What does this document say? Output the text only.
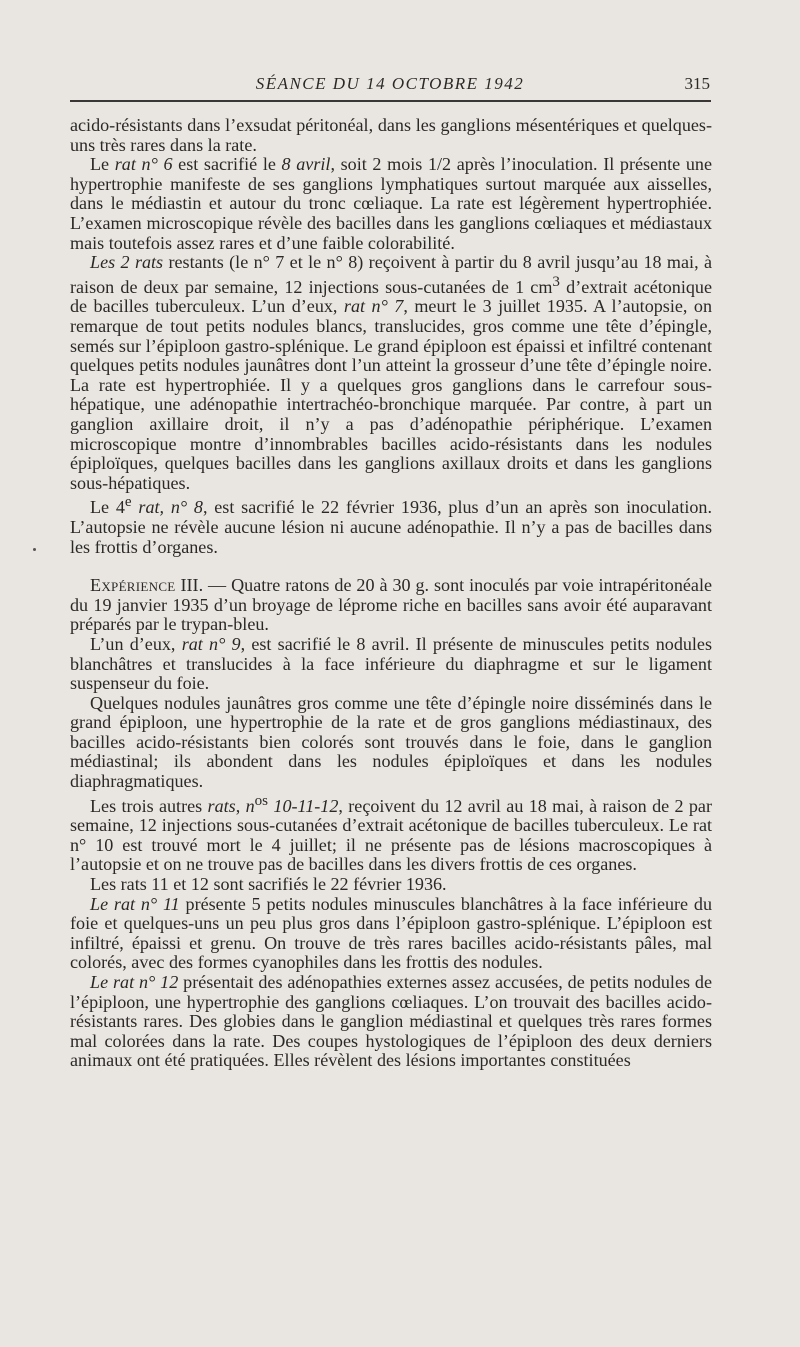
SÉANCE DU 14 OCTOBRE 1942	315

acido-résistants dans l’exsudat péritonéal, dans les ganglions mésentériques et quelques-uns très rares dans la rate.

Le rat n° 6 est sacrifié le 8 avril, soit 2 mois 1/2 après l’inoculation. Il présente une hypertrophie manifeste de ses ganglions lymphatiques surtout marquée aux aisselles, dans le médiastin et autour du tronc cœliaque. La rate est légèrement hypertrophiée. L’examen microscopique révèle des bacilles dans les ganglions cœliaques et médiastaux mais toutefois assez rares et d’une faible colorabilité.

Les 2 rats restants (le n° 7 et le n° 8) reçoivent à partir du 8 avril jusqu’au 18 mai, à raison de deux par semaine, 12 injections sous-cutanées de 1 $cm^3$ d’extrait acétonique de bacilles tuberculeux. L’un d’eux, rat n° 7, meurt le 3 juillet 1935. A l’autopsie, on remarque de tout petits nodules blancs, translucides, gros comme une tête d’épingle, semés sur l’épiploon gastro-splénique. Le grand épiploon est épaissi et infiltré contenant quelques petits nodules jaunâtres dont l’un atteint la grosseur d’une tête d’épingle noire. La rate est hypertrophiée. Il y a quelques gros ganglions dans le carrefour sous-hépatique, une adénopathie intertrachéo-bronchique marquée. Par contre, à part un ganglion axillaire droit, il n’y a pas d’adénopathie périphérique. L’examen microscopique montre d’innombrables bacilles acido-résistants dans les nodules épiploïques, quelques bacilles dans les ganglions axillaux droits et dans les ganglions sous-hépatiques.

Le 4e rat, n° 8, est sacrifié le 22 février 1936, plus d’un an après son inoculation. L’autopsie ne révèle aucune lésion ni aucune adénopathie. Il n’y a pas de bacilles dans les frottis d’organes.

Expérience III. — Quatre ratons de 20 à 30 g. sont inoculés par voie intrapéritonéale du 19 janvier 1935 d’un broyage de lépromе riche en bacilles sans avoir été auparavant préparés par le trypan-bleu.

L’un d’eux, rat n° 9, est sacrifié le 8 avril. Il présente de minuscules petits nodules blanchâtres et translucides à la face inférieure du diaphragme et sur le ligament suspenseur du foie.

Quelques nodules jaunâtres gros comme une tête d’épingle noire disséminés dans le grand épiploon, une hypertrophie de la rate et de gros ganglions médiastinaux, des bacilles acido-résistants bien colorés sont trouvés dans le foie, dans le ganglion médiastinal; ils abondent dans les nodules épiploïques et dans les nodules diaphragmatiques.

Les trois autres rats, $n^{os}$ 10-11-12, reçoivent du 12 avril au 18 mai, à raison de 2 par semaine, 12 injections sous-cutanées d’extrait acétonique de bacilles tuberculeux. Le rat n° 10 est trouvé mort le 4 juillet; il ne présente pas de lésions macroscopiques à l’autopsie et on ne trouve pas de bacilles dans les divers frottis de ces organes.

Les rats 11 et 12 sont sacrifiés le 22 février 1936.

Le rat n° 11 présente 5 petits nodules minuscules blanchâtres à la face inférieure du foie et quelques-uns un peu plus gros dans l’épiploon gastro-splénique. L’épiploon est infiltré, épaissi et grenu. On trouve de très rares bacilles acido-résistants pâles, mal colorés, avec des formes cyanophiles dans les frottis des nodules.

Le rat n° 12 présentait des adénopathies externes assez accusées, de petits nodules de l’épiploon, une hypertrophie des ganglions cœliaques. L’on trouvait des bacilles acido-résistants rares. Des globies dans le ganglion médiastinal et quelques très rares formes mal colorées dans la rate. Des coupes hystologiques de l’épiploon des deux derniers animaux ont été pratiquées. Elles révèlent des lésions importantes constituées
